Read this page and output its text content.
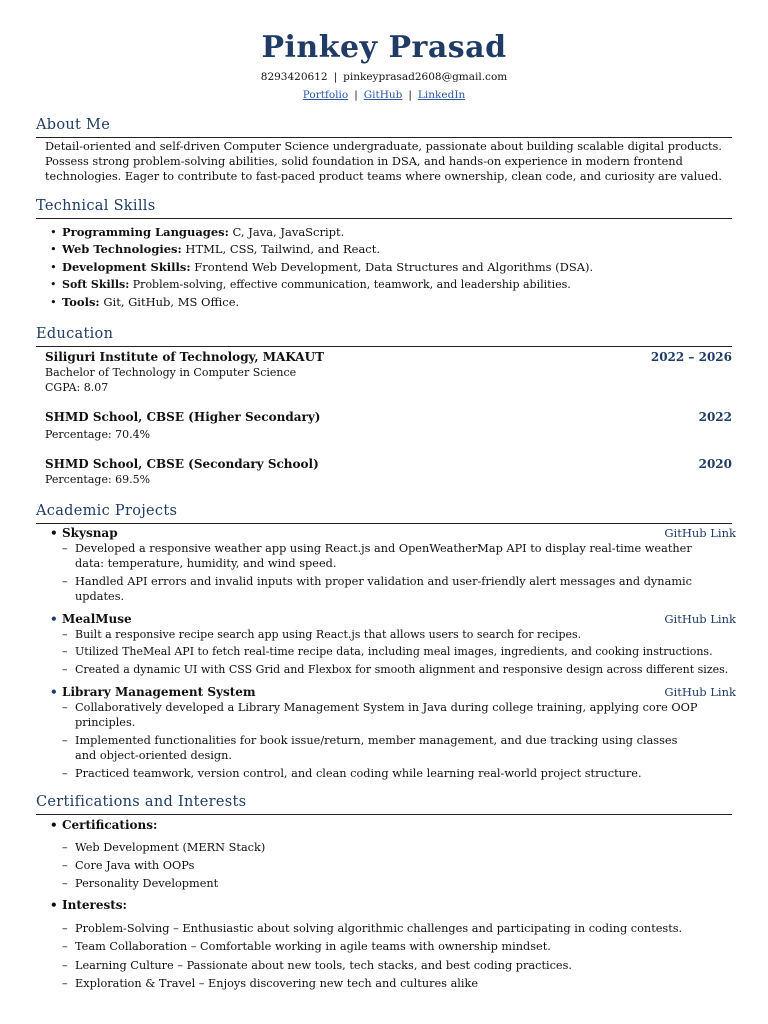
Pinkey Prasad
8293420612 | pinkeyprasad2608@gmail.com
Portfolio | GitHub | LinkedIn
About Me
Detail-oriented and self-driven Computer Science undergraduate, passionate about building scalable digital products. Possess strong problem-solving abilities, solid foundation in DSA, and hands-on experience in modern frontend technologies. Eager to contribute to fast-paced product teams where ownership, clean code, and curiosity are valued.
Technical Skills
• Programming Languages: C, Java, JavaScript.
• Web Technologies: HTML, CSS, Tailwind, and React.
• Development Skills: Frontend Web Development, Data Structures and Algorithms (DSA).
• Soft Skills: Problem-solving, effective communication, teamwork, and leadership abilities.
• Tools: Git, GitHub, MS Office.
Education
Siliguri Institute of Technology, MAKAUT	2022 – 2026
Bachelor of Technology in Computer Science
CGPA: 8.07
SHMD School, CBSE (Higher Secondary)	2022
Percentage: 70.4%
SHMD School, CBSE (Secondary School)	2020
Percentage: 69.5%
Academic Projects
• Skysnap	GitHub Link
– Developed a responsive weather app using React.js and OpenWeatherMap API to display real-time weather
data: temperature, humidity, and wind speed.
– Handled API errors and invalid inputs with proper validation and user-friendly alert messages and dynamic
updates.
• MealMuse	GitHub Link
– Built a responsive recipe search app using React.js that allows users to search for recipes.
– Utilized TheMeal API to fetch real-time recipe data, including meal images, ingredients, and cooking instructions.
– Created a dynamic UI with CSS Grid and Flexbox for smooth alignment and responsive design across different sizes.
• Library Management System	GitHub Link
– Collaboratively developed a Library Management System in Java during college training, applying core OOP
principles.
– Implemented functionalities for book issue/return, member management, and due tracking using classes
and object-oriented design.
– Practiced teamwork, version control, and clean coding while learning real-world project structure.
Certifications and Interests
• Certifications:
– Web Development (MERN Stack)
– Core Java with OOPs
– Personality Development
• Interests:
– Problem-Solving – Enthusiastic about solving algorithmic challenges and participating in coding contests.
– Team Collaboration – Comfortable working in agile teams with ownership mindset.
– Learning Culture – Passionate about new tools, tech stacks, and best coding practices.
– Exploration & Travel – Enjoys discovering new tech and cultures alike
